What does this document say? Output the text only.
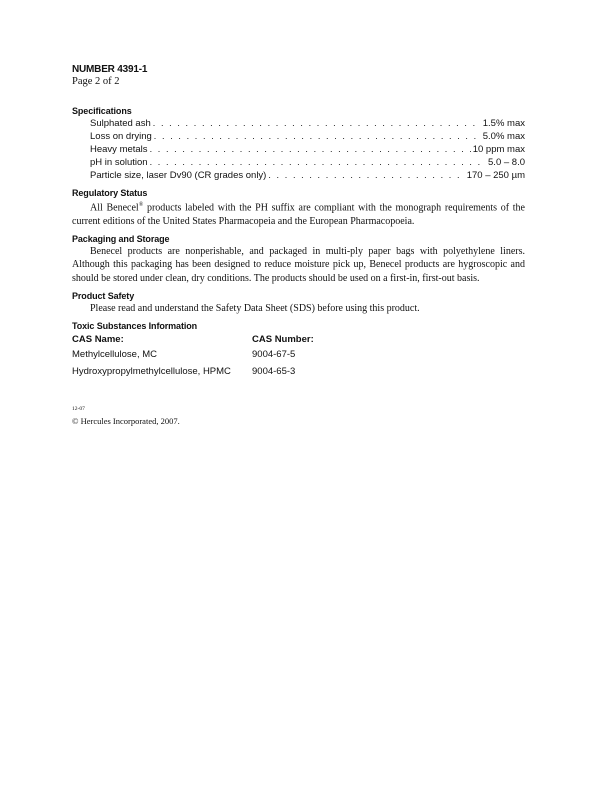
NUMBER 4391-1
Page 2 of 2
Specifications
Sulphated ash . . .	1.5% max
Loss on drying . . .	5.0% max
Heavy metals . . .	10 ppm max
pH in solution . . .	5.0 – 8.0
Particle size, laser Dv90 (CR grades only) . . .	170 – 250 µm
Regulatory Status

All Benecel® products labeled with the PH suffix are compliant with the monograph requirements of the current editions of the United States Pharmacopeia and the European Pharmacopoeia.

Packaging and Storage

Benecel products are nonperishable, and packaged in multi-ply paper bags with polyethylene liners. Although this packaging has been designed to reduce moisture pick up, Benecel products are hygroscopic and should be stored under clean, dry conditions. The products should be used on a first-in, first-out basis.

Product Safety

Please read and understand the Safety Data Sheet (SDS) before using this product.

Toxic Substances Information
CAS Name:	CAS Number:
Methylcellulose, MC	9004-67-5
Hydroxypropylmethylcellulose, HPMC	9004-65-3
12-07
© Hercules Incorporated, 2007.
